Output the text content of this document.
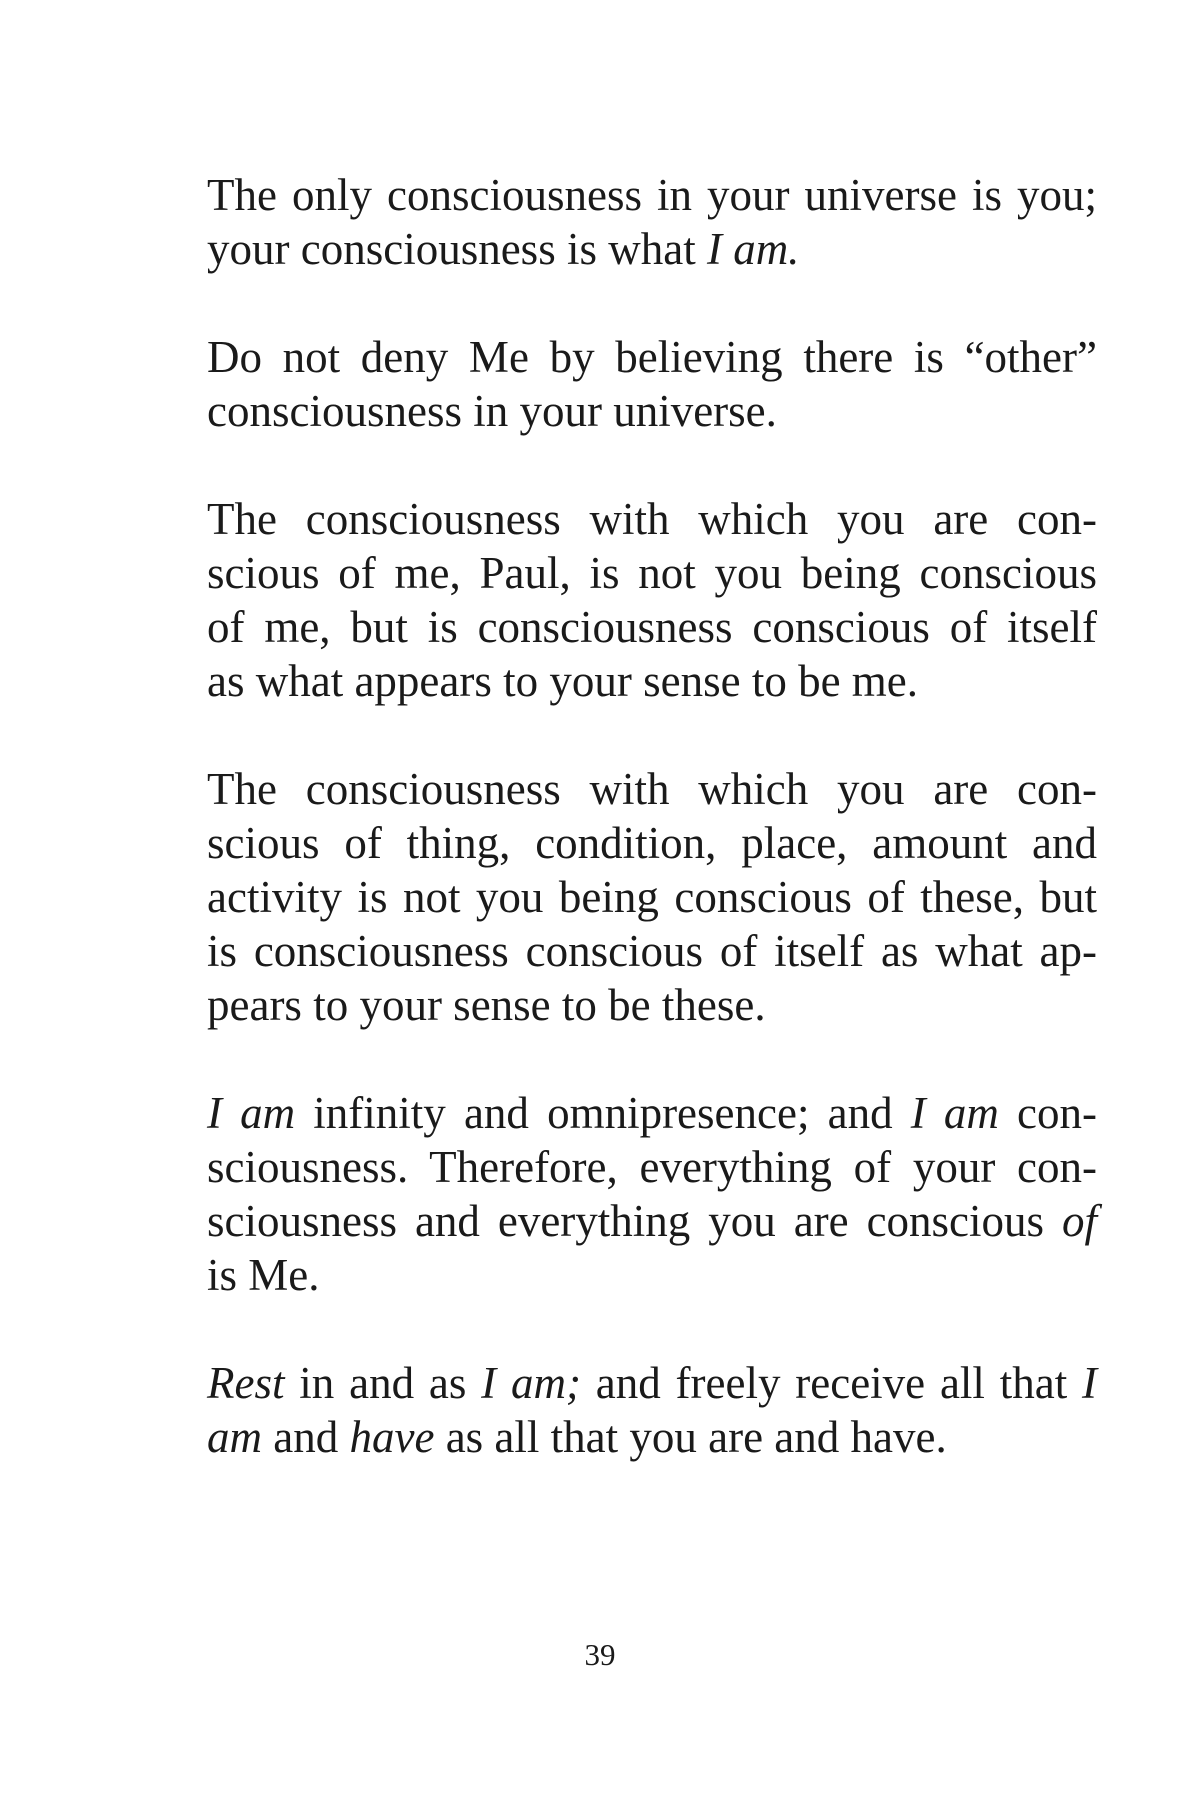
The only consciousness in your universe is you;
your consciousness is what I am.
Do not deny Me by believing there is “other”
consciousness in your universe.
The consciousness with which you are con-
scious of me, Paul, is not you being conscious
of me, but is consciousness conscious of itself
as what appears to your sense to be me.
The consciousness with which you are con-
scious of thing, condition, place, amount and
activity is not you being conscious of these, but
is consciousness conscious of itself as what ap-
pears to your sense to be these.
I am infinity and omnipresence; and I am con-
sciousness. Therefore, everything of your con-
sciousness and everything you are conscious of
is Me.
Rest in and as I am; and freely receive all that I
am and have as all that you are and have.
39
